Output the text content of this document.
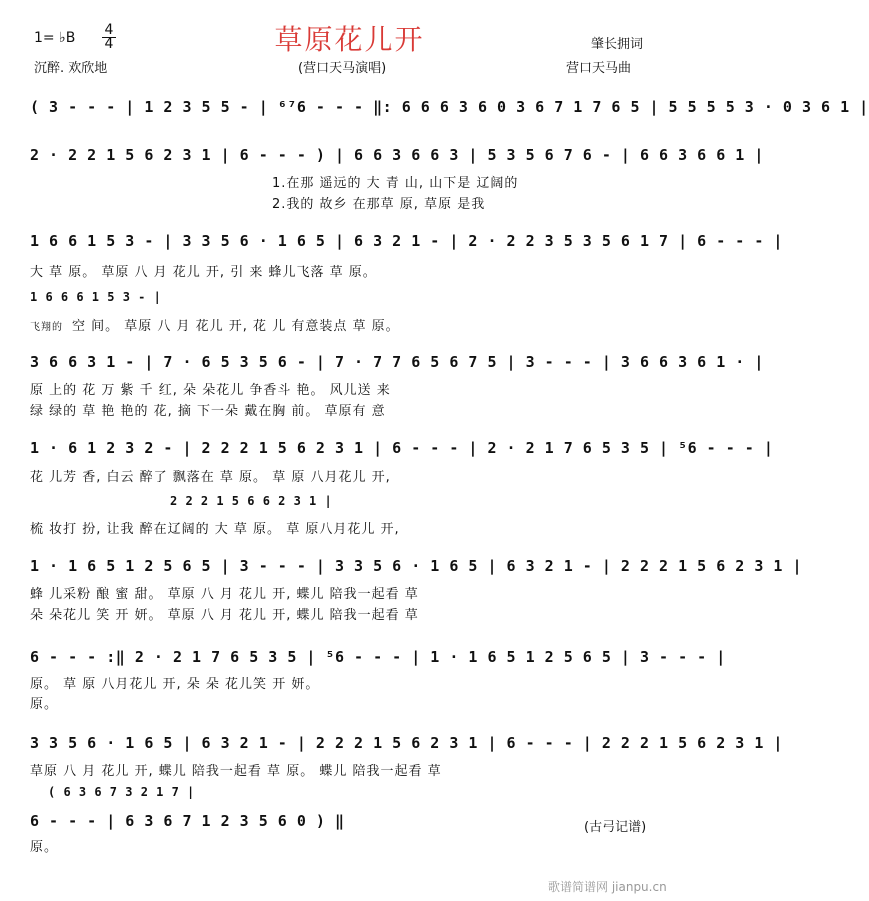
草原花儿开
1= ♭B 4
4
沉醉. 欢欣地	(营口天马演唱)
肇长拥词
营口天马曲
( 3 - - - | 1 2 3 5 5 - | ⁶⁷6 - - - ‖: 6 6 6 3 6 0 3 6 7 1 7 6 5 | 5 5 5 5 3 · 0 3 6 1 |
2 · 2 2 1 5 6 2 3 1 | 6 - - - ) | 6 6 3 6 6 3 | 5 3 5 6 7 6 - | 6 6 3 6 6 1 |
1.在那 遥远的 大 青 山, 山下是 辽阔的
2.我的 故乡 在那草 原, 草原 是我
1 6 6 1 5 3 - | 3 3 5 6 · 1 6 5 | 6 3 2 1 - | 2 · 2 2 3 5 3 5 6 1 7 | 6 - - - |
大 草 原。 草原 八 月 花儿 开, 引 来 蜂儿飞落 草 原。
1 6 6 6 1 5 3 - |
飞翔的 空 间。 草原 八 月 花儿 开, 花 儿 有意装点 草 原。
3 6 6 3 1 - | 7 · 6 5 3 5 6 - | 7 · 7 7 6 5 6 7 5 | 3 - - - | 3 6 6 3 6 1 · |
原 上的 花 万 紫 千 红, 朵 朵花儿 争香斗 艳。 风儿送 来
绿 绿的 草 艳 艳的 花, 摘 下一朵 戴在胸 前。 草原有 意
1 · 6 1 2 3 2 - | 2 2 2 1 5 6 2 3 1 | 6 - - - | 2 · 2 1 7 6 5 3 5 | ⁵6 - - - |
花 儿芳 香, 白云 醉了 飘落在 草 原。 草 原 八月花儿 开,
2 2 2 1 5 6 6 2 3 1 |
梳 妆打 扮, 让我 醉在辽阔的 大 草 原。 草 原八月花儿 开,
1 · 1 6 5 1 2 5 6 5 | 3 - - - | 3 3 5 6 · 1 6 5 | 6 3 2 1 - | 2 2 2 1 5 6 2 3 1 |
蜂 儿采粉 酿 蜜 甜。 草原 八 月 花儿 开, 蝶儿 陪我一起看 草
朵 朵花儿 笑 开 妍。 草原 八 月 花儿 开, 蝶儿 陪我一起看 草
6 - - - :‖ 2 · 2 1 7 6 5 3 5 | ⁵6 - - - | 1 · 1 6 5 1 2 5 6 5 | 3 - - - |
原。 草 原 八月花儿 开, 朵 朵 花儿笑 开 妍。
原。
3 3 5 6 · 1 6 5 | 6 3 2 1 - | 2 2 2 1 5 6 2 3 1 | 6 - - - | 2 2 2 1 5 6 2 3 1 |
草原 八 月 花儿 开, 蝶儿 陪我一起看 草 原。 蝶儿 陪我一起看 草
( 6 3 6 7 3 2 1 7 |
6 - - - | 6 3 6 7 1 2 3 5 6 0 ) ‖
原。
(古弓记谱)
歌谱简谱网 jianpu.cn
